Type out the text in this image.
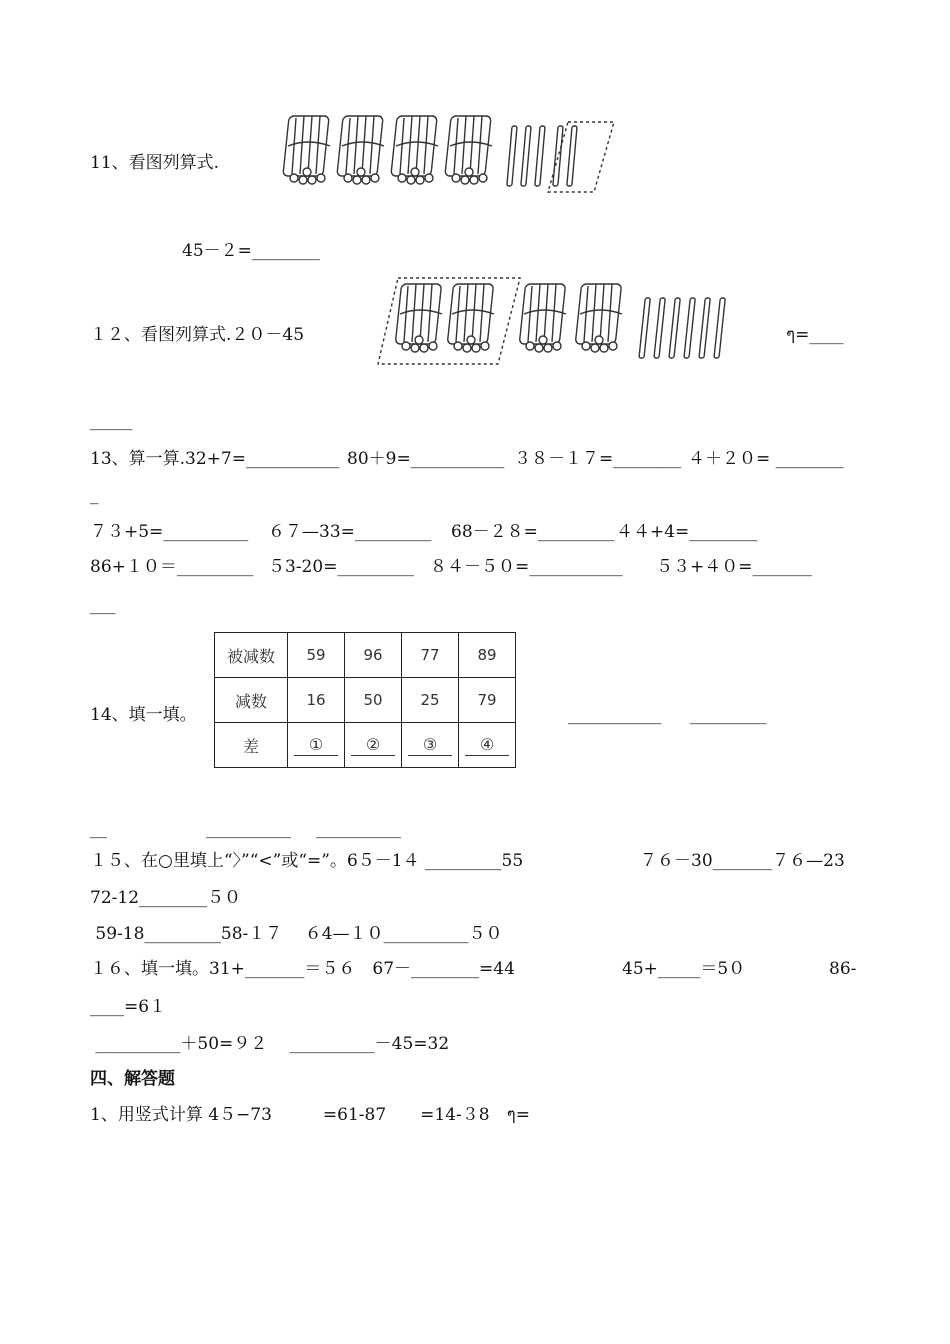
11、看图列算式.
45－２=________
１２、看图列算式.２０－45	ๆ=____
_____
13、算一算.32+7=___________ 80＋9=___________ ３８－１７=________ ４＋２０= ________
_
７３+5=__________ ６７—33=_________ 68－２８=_________ ４４+4=________
86+１０＝_________ ５3-20=_________ ８４－５０=___________ ５３+４０=_______
___
14、填一填。
被减数	59	96	77	89
减数	16	50	25	79
差	①	②	③	④
___________ _________
__	__________ __________
１５、在○里填上“〉”“<”或“=”。6５－1４ _________55	７６－30_______７６—23
72-12________５０
59-18_________58-１７　 ６4—１０__________５０
１６、填一填。31+_______＝５６　67－________=44	45+_____＝5０	86-
____=6１
__________＋50=９２　 __________－45=32
四、解答题
1、用竖式计算 4５−73　　　=61-87　　=14-３8　ๆ=
